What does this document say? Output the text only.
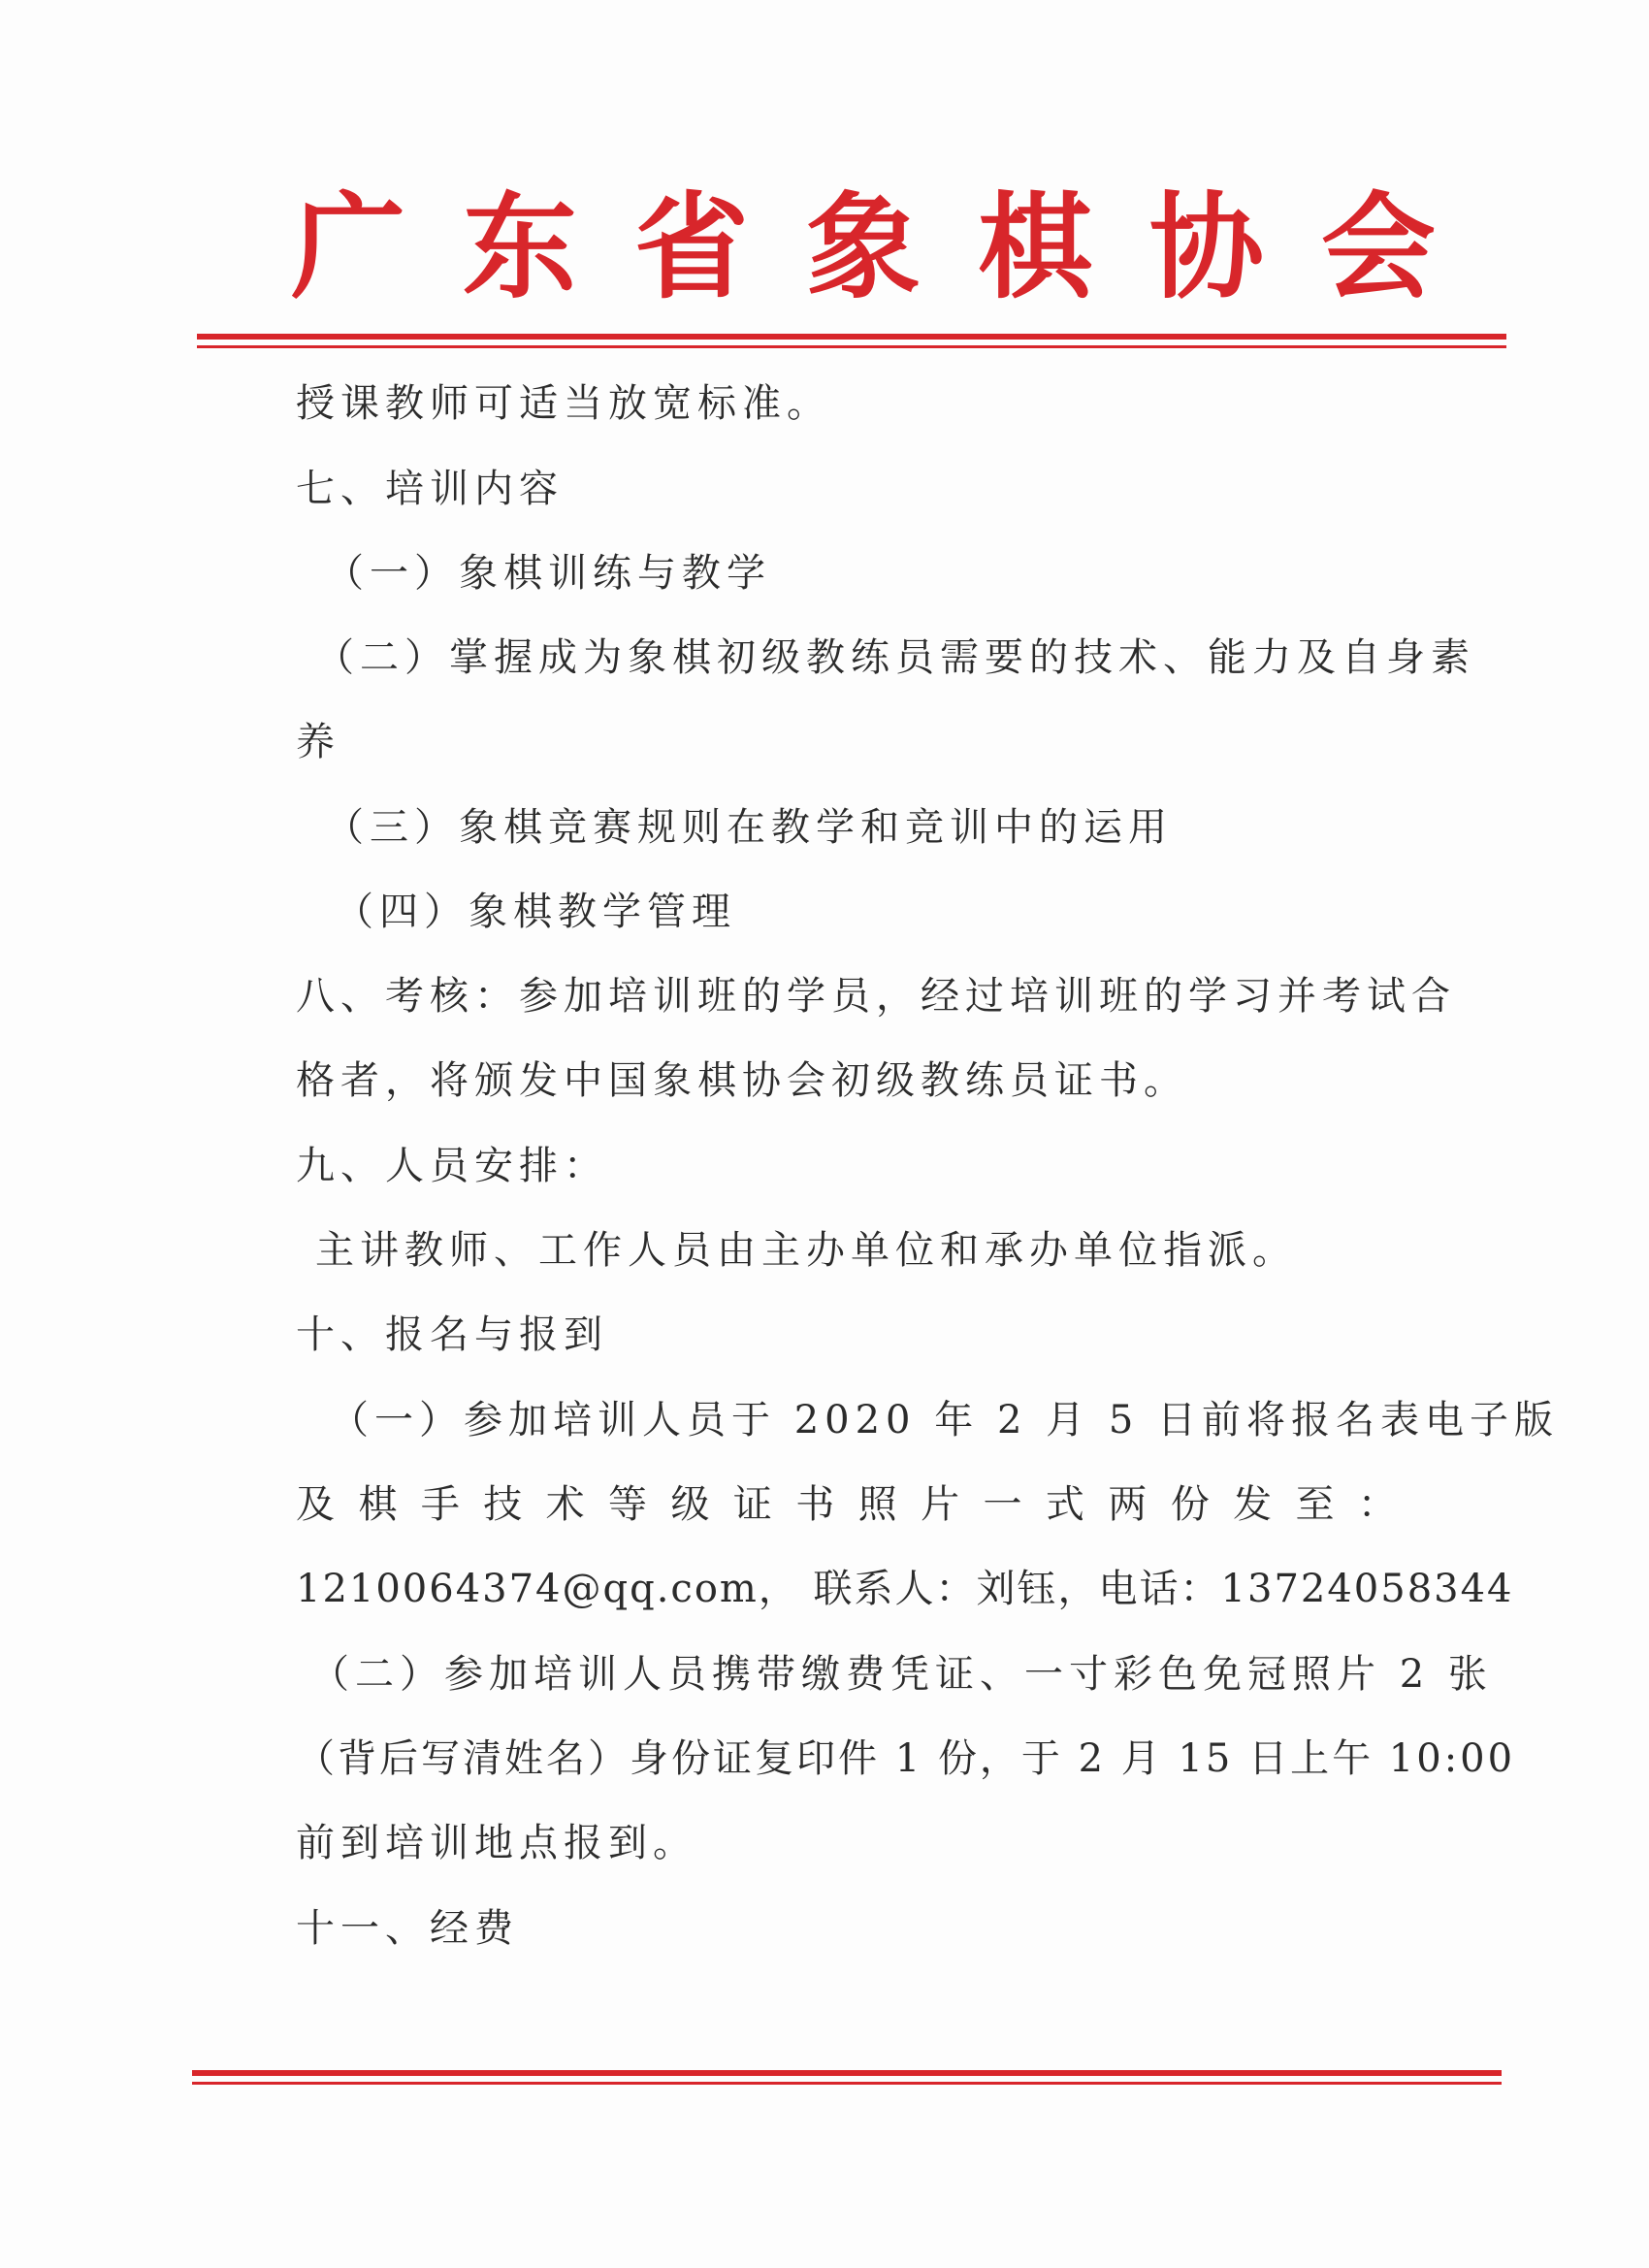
广 东 省 象 棋 协 会
授课教师可适当放宽标准。
七、培训内容
（一）象棋训练与教学
（二）掌握成为象棋初级教练员需要的技术、能力及自身素
养
（三）象棋竞赛规则在教学和竞训中的运用
（四）象棋教学管理
八、考核：参加培训班的学员，经过培训班的学习并考试合
格者，将颁发中国象棋协会初级教练员证书。
九、人员安排：
主讲教师、工作人员由主办单位和承办单位指派。
十、报名与报到
（一）参加培训人员于 2020 年 2 月 5 日前将报名表电子版
及 棋 手 技 术 等 级 证 书 照 片 一 式 两 份 发 至 ：
1210064374@qq.com， 联系人：刘钰，电话：13724058344
（二）参加培训人员携带缴费凭证、一寸彩色免冠照片 2 张
（背后写清姓名）身份证复印件 1 份，于 2 月 15 日上午 10:00
前到培训地点报到。
十一、经费
